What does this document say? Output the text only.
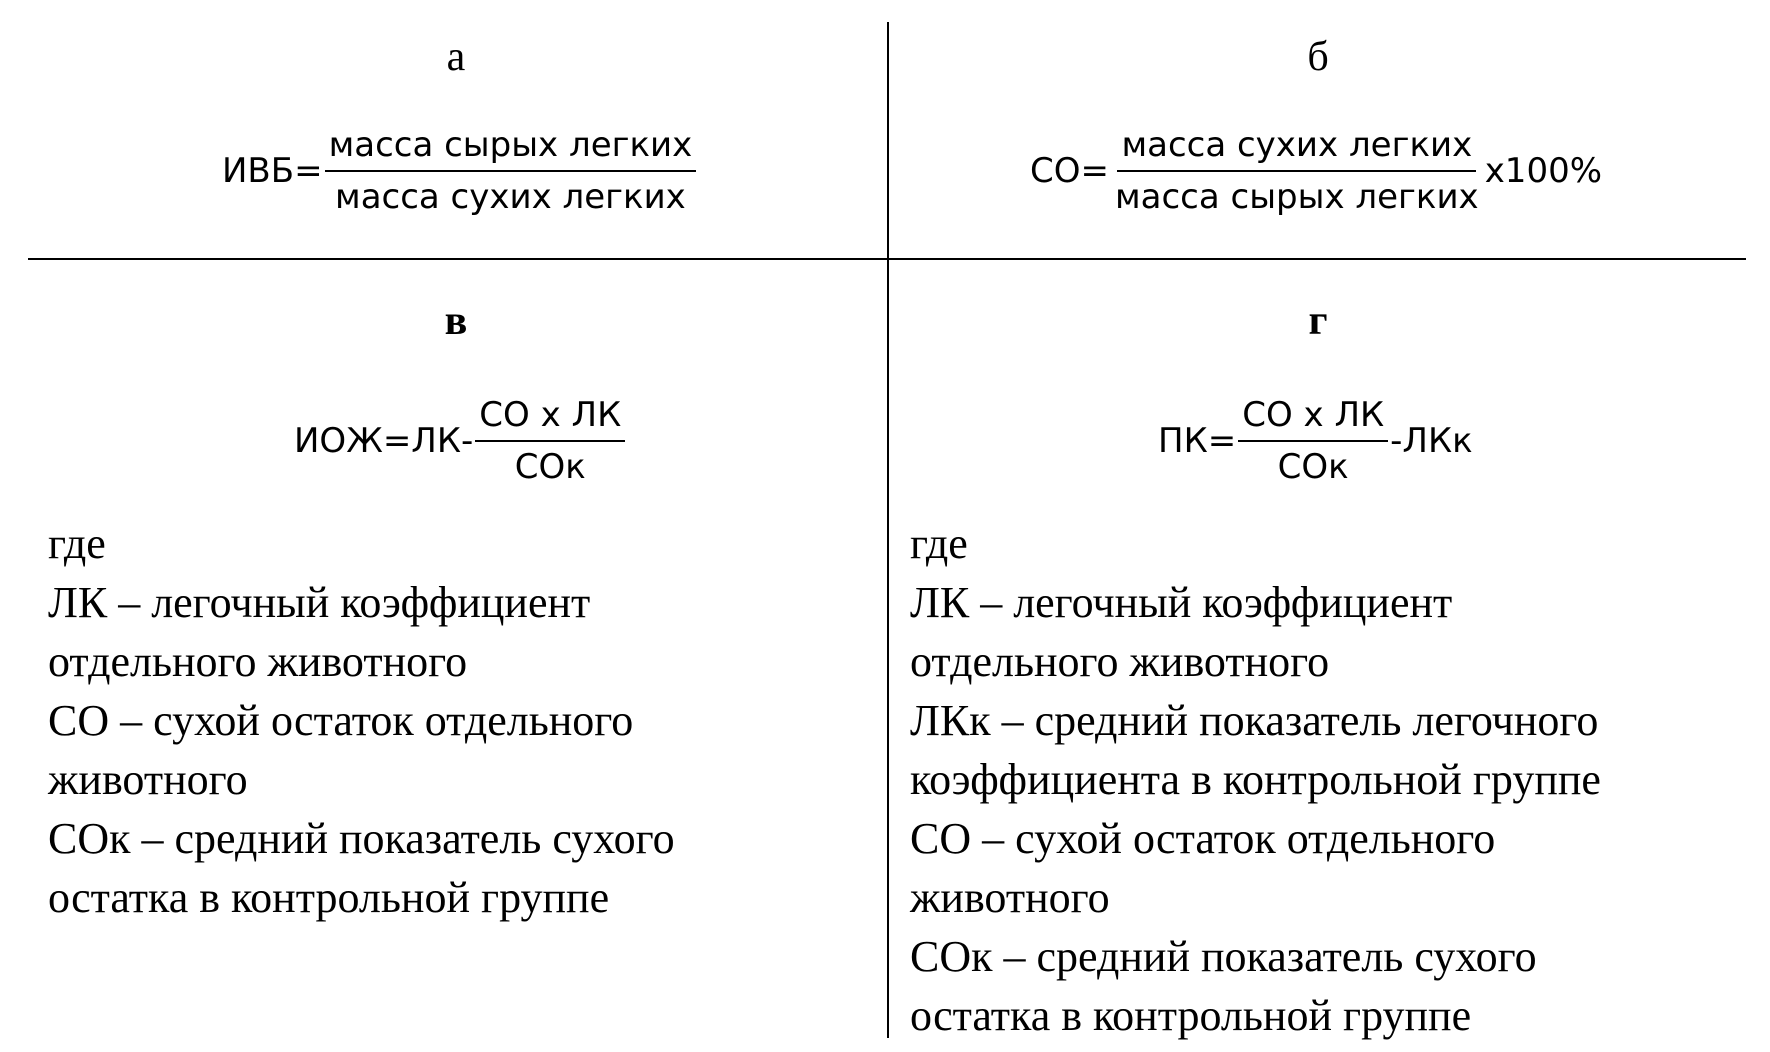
а
$ИВБ= \frac{\text{масса сырых легких}}{\text{масса сухих легких}}$
б
$СО= \frac{\text{масса сухих легких}}{\text{масса сырых легких}} х100\%$
в
$ИОЖ=ЛК- \frac{\text{СО х ЛК}}{\text{СОк}}$
где
ЛК – легочный коэффициент
отдельного животного
СО – сухой остаток отдельного
животного
СОк – средний показатель сухого
остатка в контрольной группе
г
$ПК= \frac{\text{СО х ЛК}}{\text{СОк}} -ЛКк$
где
ЛК – легочный коэффициент
отдельного животного
ЛКк – средний показатель легочного
коэффициента в контрольной группе
СО – сухой остаток отдельного
животного
СОк – средний показатель сухого
остатка в контрольной группе
